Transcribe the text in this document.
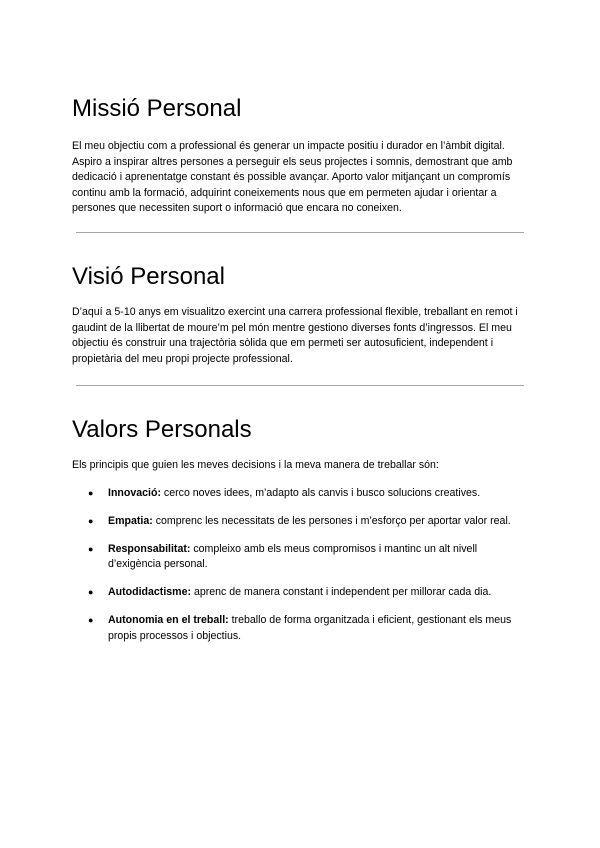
Missió Personal

El meu objectiu com a professional és generar un impacte positiu i durador en l’àmbit digital. Aspiro a inspirar altres persones a perseguir els seus projectes i somnis, demostrant que amb dedicació i aprenentatge constant és possible avançar. Aporto valor mitjançant un compromís continu amb la formació, adquirint coneixements nous que em permeten ajudar i orientar a persones que necessiten suport o informació que encara no coneixen.

Visió Personal

D’aquí a 5-10 anys em visualitzo exercint una carrera professional flexible, treballant en remot i gaudint de la llibertat de moure’m pel món mentre gestiono diverses fonts d’ingressos. El meu objectiu és construir una trajectòria sòlida que em permeti ser autosuficient, independent i propietària del meu propi projecte professional.

Valors Personals

Els principis que guien les meves decisions i la meva manera de treballar són:

● Innovació: cerco noves idees, m’adapto als canvis i busco solucions creatives.
● Empatia: comprenc les necessitats de les persones i m’esforço per aportar valor real.
● Responsabilitat: compleixo amb els meus compromisos i mantinc un alt nivell d’exigència personal.
● Autodidactisme: aprenc de manera constant i independent per millorar cada dia.
● Autonomia en el treball: treballo de forma organitzada i eficient, gestionant els meus propis processos i objectius.
